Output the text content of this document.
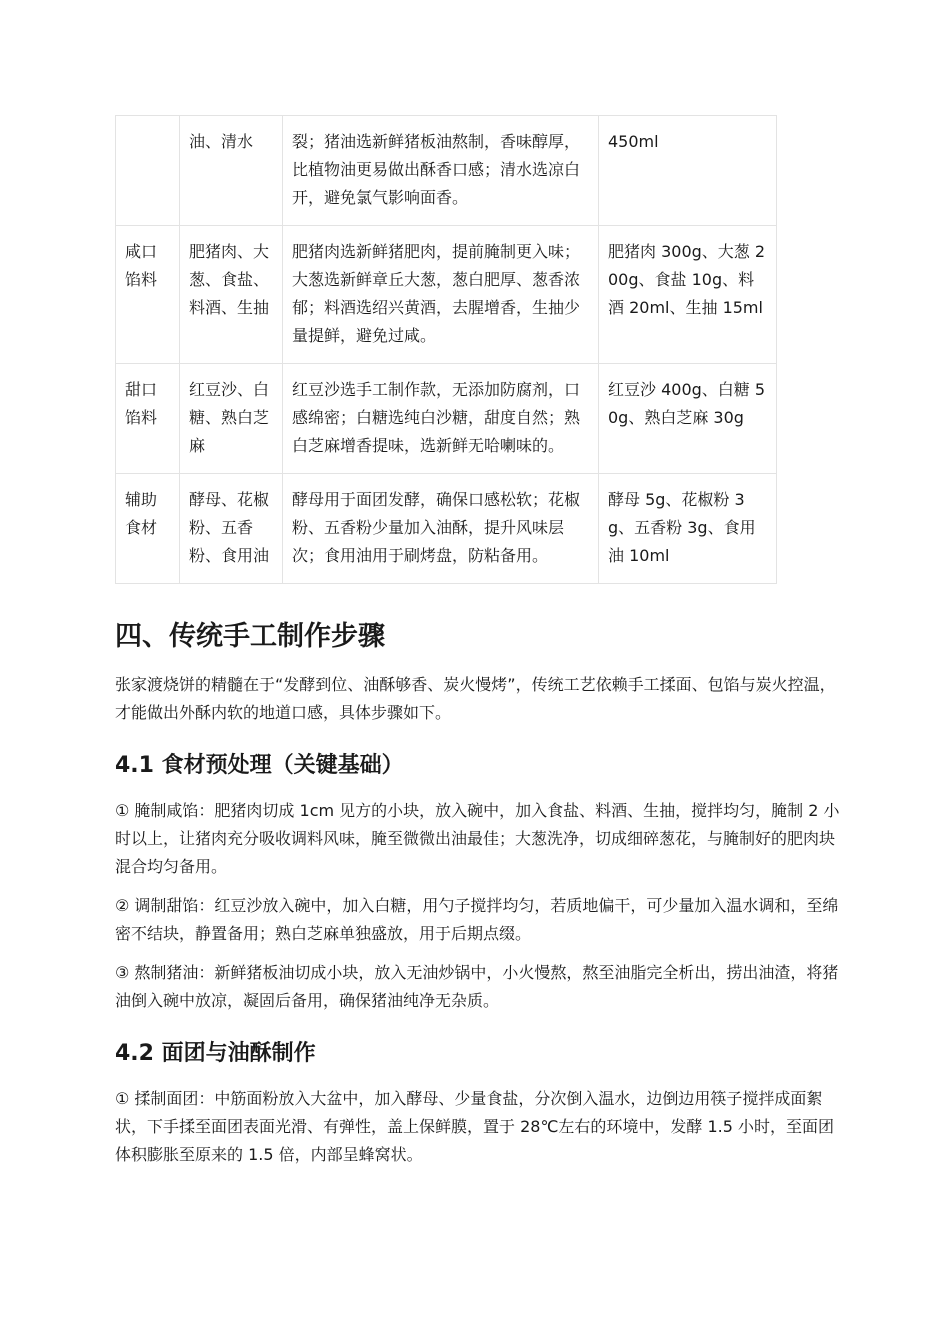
	油、清水	裂；猪油选新鲜猪板油熬制，香味醇厚，比植物油更易做出酥香口感；清水选凉白开，避免氯气影响面香。	450ml
咸口馅料	肥猪肉、大葱、食盐、料酒、生抽	肥猪肉选新鲜猪肥肉，提前腌制更入味；大葱选新鲜章丘大葱，葱白肥厚、葱香浓郁；料酒选绍兴黄酒，去腥增香，生抽少量提鲜，避免过咸。	肥猪肉 300g、大葱 200g、食盐 10g、料酒 20ml、生抽 15ml
甜口馅料	红豆沙、白糖、熟白芝麻	红豆沙选手工制作款，无添加防腐剂，口感绵密；白糖选纯白沙糖，甜度自然；熟白芝麻增香提味，选新鲜无哈喇味的。	红豆沙 400g、白糖 50g、熟白芝麻 30g
辅助食材	酵母、花椒粉、五香粉、食用油	酵母用于面团发酵，确保口感松软；花椒粉、五香粉少量加入油酥，提升风味层次；食用油用于刷烤盘，防粘备用。	酵母 5g、花椒粉 3g、五香粉 3g、食用油 10ml
四、传统手工制作步骤

张家渡烧饼的精髓在于“发酵到位、油酥够香、炭火慢烤”，传统工艺依赖手工揉面、包馅与炭火控温，才能做出外酥内软的地道口感，具体步骤如下。

4.1 食材预处理（关键基础）

① 腌制咸馅：肥猪肉切成 1cm 见方的小块，放入碗中，加入食盐、料酒、生抽，搅拌均匀，腌制 2 小时以上，让猪肉充分吸收调料风味，腌至微微出油最佳；大葱洗净，切成细碎葱花，与腌制好的肥肉块混合均匀备用。

② 调制甜馅：红豆沙放入碗中，加入白糖，用勺子搅拌均匀，若质地偏干，可少量加入温水调和，至绵密不结块，静置备用；熟白芝麻单独盛放，用于后期点缀。

③ 熬制猪油：新鲜猪板油切成小块，放入无油炒锅中，小火慢熬，熬至油脂完全析出，捞出油渣，将猪油倒入碗中放凉，凝固后备用，确保猪油纯净无杂质。

4.2 面团与油酥制作

① 揉制面团：中筋面粉放入大盆中，加入酵母、少量食盐，分次倒入温水，边倒边用筷子搅拌成面絮状，下手揉至面团表面光滑、有弹性，盖上保鲜膜，置于 28℃左右的环境中，发酵 1.5 小时，至面团体积膨胀至原来的 1.5 倍，内部呈蜂窝状。
